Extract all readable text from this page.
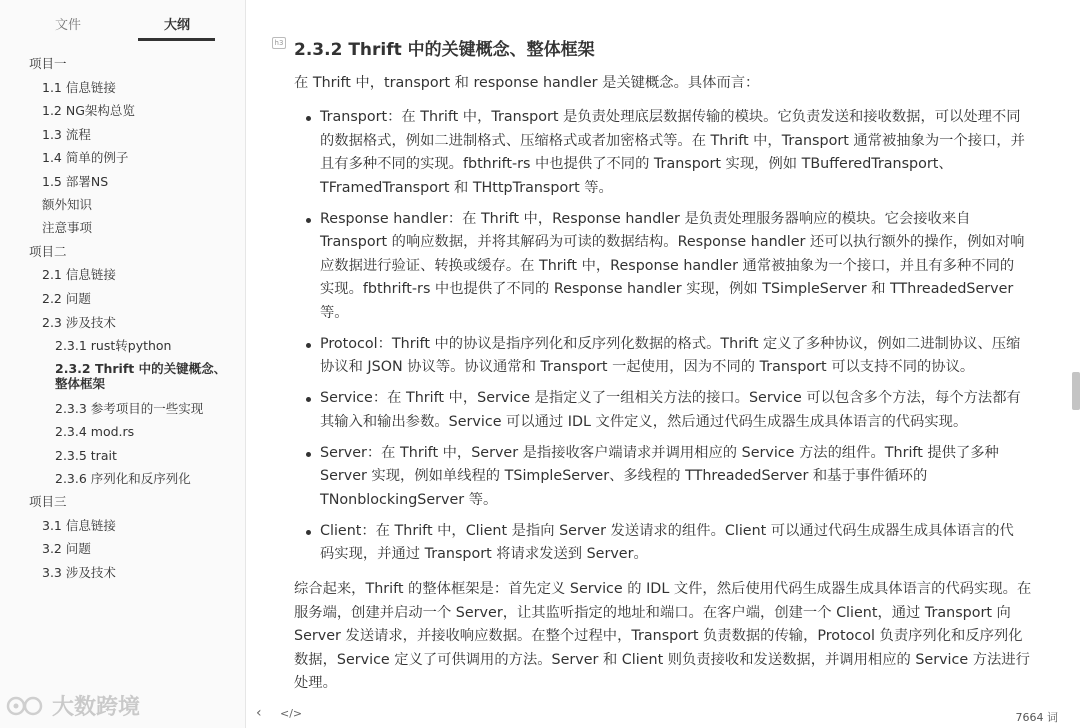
文件	大纲
项目一
1.1 信息链接
1.2 NG架构总览
1.3 流程
1.4 简单的例子
1.5 部署NS
额外知识
注意事项
项目二
2.1 信息链接
2.2 问题
2.3 涉及技术
2.3.1 rust转python
2.3.2 Thrift 中的关键概念、整体框架
2.3.3 参考项目的一些实现
2.3.4 mod.rs
2.3.5 trait
2.3.6 序列化和反序列化
项目三
3.1 信息链接
3.2 问题
3.3 涉及技术
大数跨境
h3 2.3.2 Thrift 中的关键概念、整体框架

在 Thrift 中，transport 和 response handler 是关键概念。具体而言：

Transport：在 Thrift 中，Transport 是负责处理底层数据传输的模块。它负责发送和接收数据，可以处理不同的数据格式，例如二进制格式、压缩格式或者加密格式等。在 Thrift 中，Transport 通常被抽象为一个接口，并且有多种不同的实现。fbthrift-rs 中也提供了不同的 Transport 实现，例如 TBufferedTransport、TFramedTransport 和 THttpTransport 等。
Response handler：在 Thrift 中，Response handler 是负责处理服务器响应的模块。它会接收来自 Transport 的响应数据，并将其解码为可读的数据结构。Response handler 还可以执行额外的操作，例如对响应数据进行验证、转换或缓存。在 Thrift 中，Response handler 通常被抽象为一个接口，并且有多种不同的实现。fbthrift-rs 中也提供了不同的 Response handler 实现，例如 TSimpleServer 和 TThreadedServer 等。
Protocol：Thrift 中的协议是指序列化和反序列化数据的格式。Thrift 定义了多种协议，例如二进制协议、压缩协议和 JSON 协议等。协议通常和 Transport 一起使用，因为不同的 Transport 可以支持不同的协议。
Service：在 Thrift 中，Service 是指定义了一组相关方法的接口。Service 可以包含多个方法，每个方法都有其输入和输出参数。Service 可以通过 IDL 文件定义，然后通过代码生成器生成具体语言的代码实现。
Server：在 Thrift 中，Server 是指接收客户端请求并调用相应的 Service 方法的组件。Thrift 提供了多种 Server 实现，例如单线程的 TSimpleServer、多线程的 TThreadedServer 和基于事件循环的 TNonblockingServer 等。
Client：在 Thrift 中，Client 是指向 Server 发送请求的组件。Client 可以通过代码生成器生成具体语言的代码实现，并通过 Transport 将请求发送到 Server。

综合起来，Thrift 的整体框架是：首先定义 Service 的 IDL 文件，然后使用代码生成器生成具体语言的代码实现。在服务端，创建并启动一个 Server，让其监听指定的地址和端口。在客户端，创建一个 Client，通过 Transport 向 Server 发送请求，并接收响应数据。在整个过程中，Transport 负责数据的传输，Protocol 负责序列化和反序列化数据，Service 定义了可供调用的方法。Server 和 Client 则负责接收和发送数据，并调用相应的 Service 方法进行处理。

‹ </>	7664 词
